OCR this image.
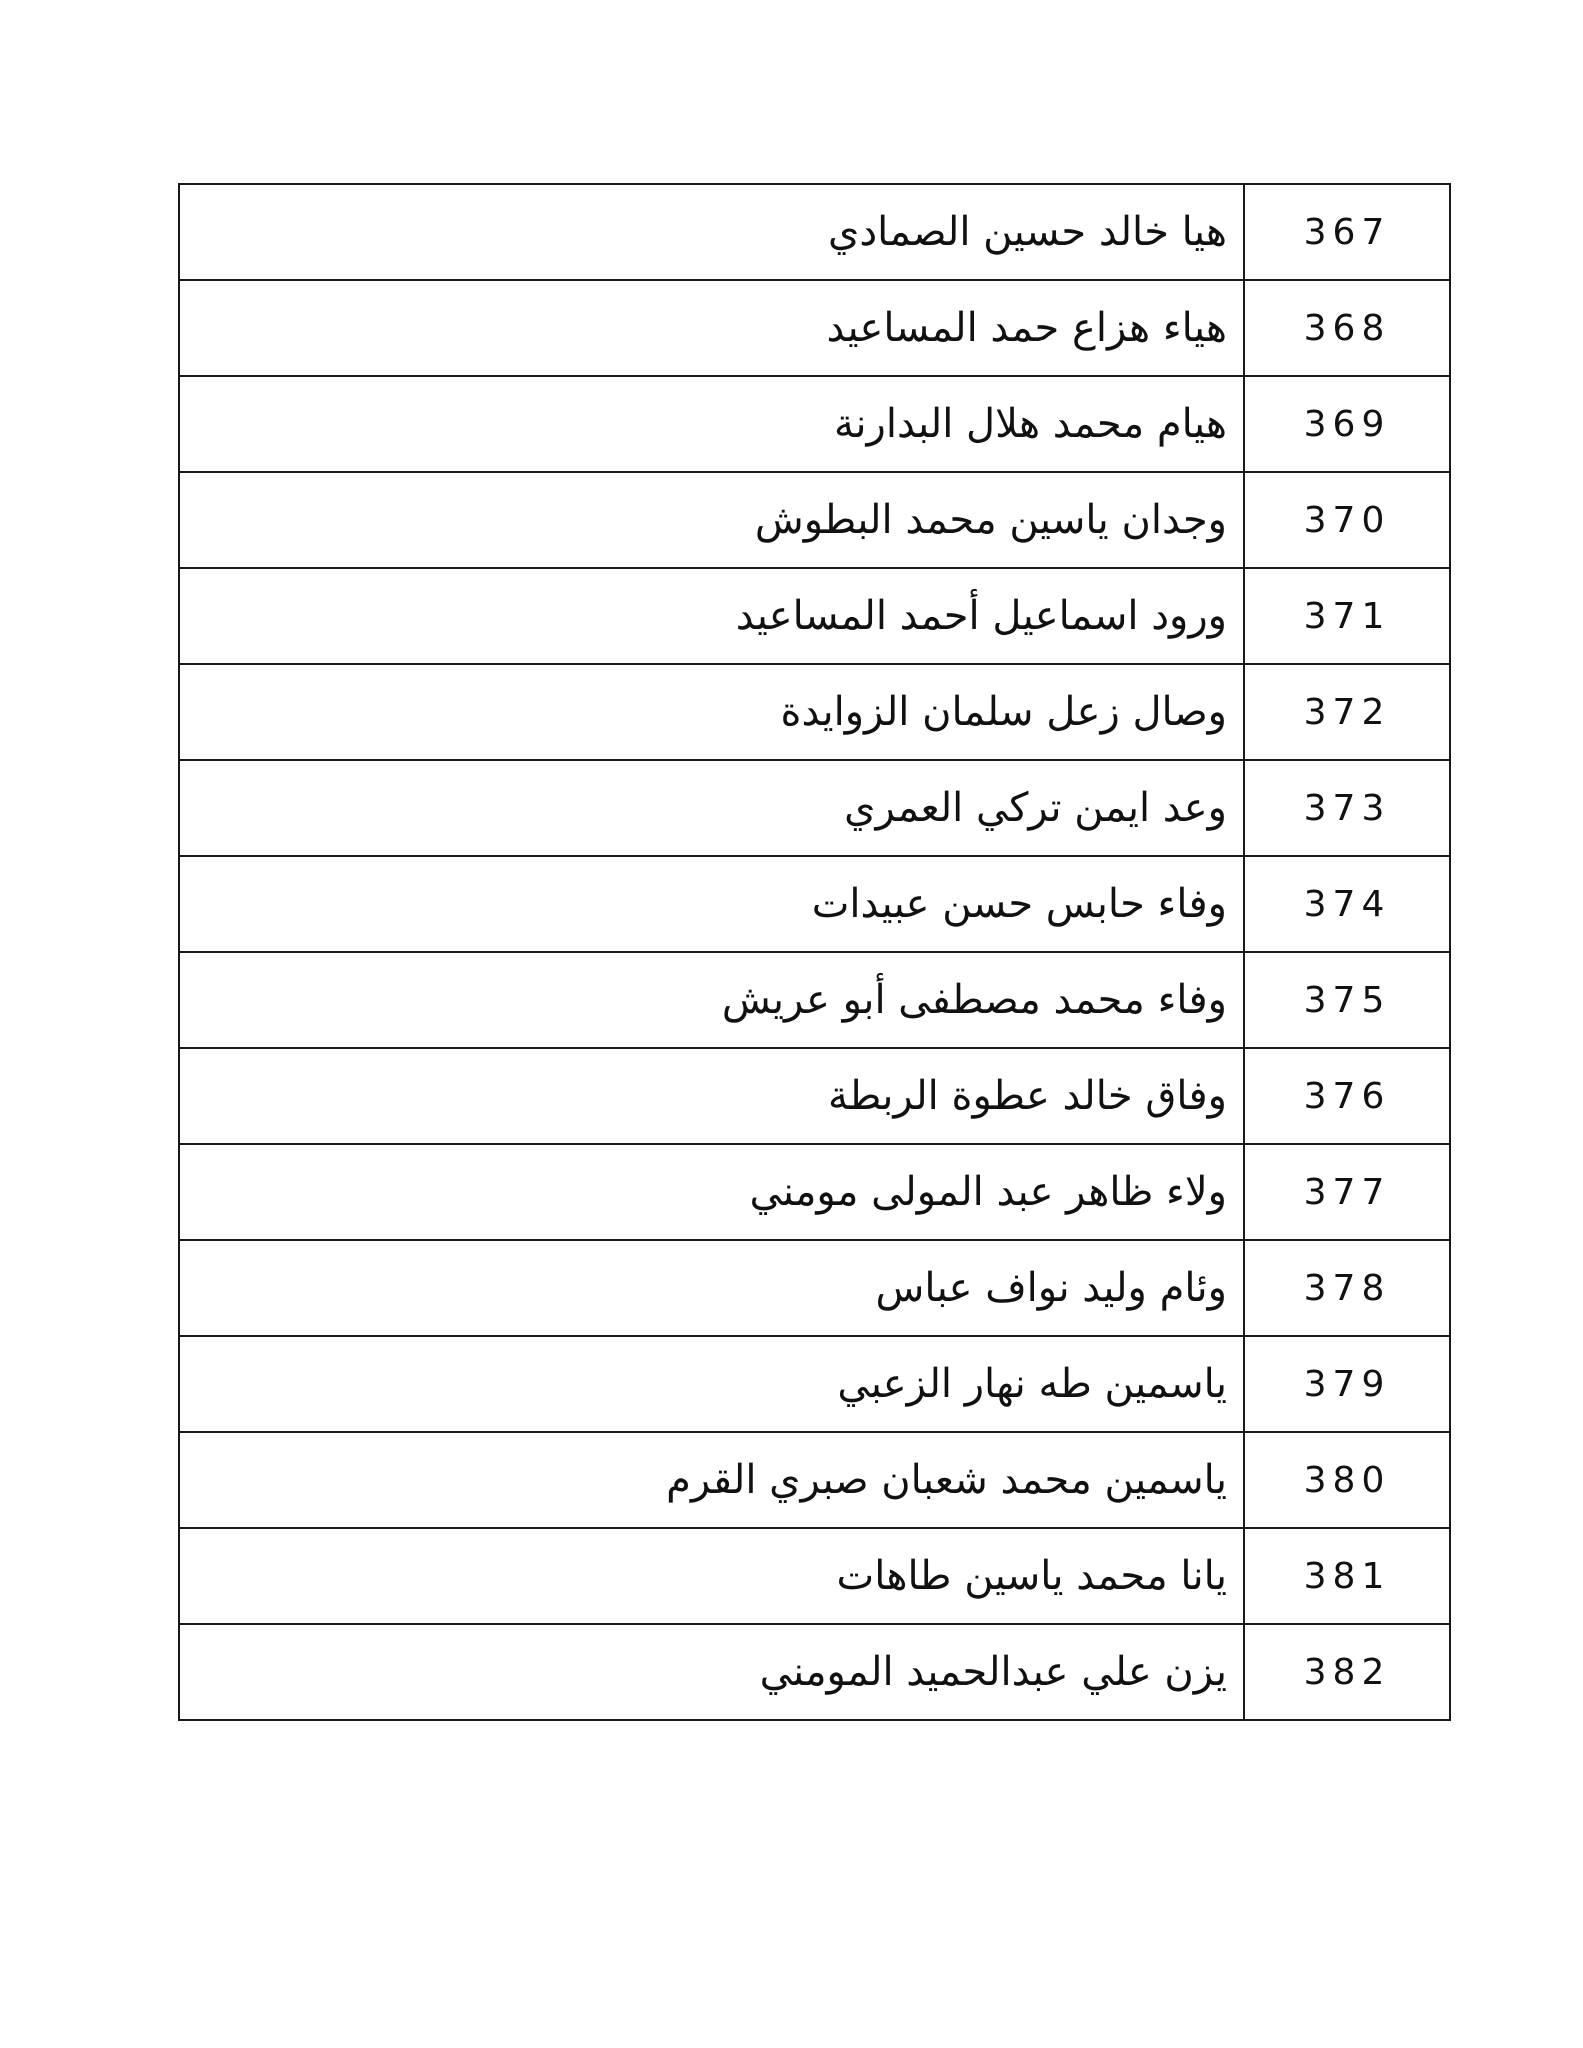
هيا خالد حسين الصمادي	367
هياء هزاع حمد المساعيد	368
هيام محمد هلال البدارنة	369
وجدان ياسين محمد البطوش	370
ورود اسماعيل أحمد المساعيد	371
وصال زعل سلمان الزوايدة	372
وعد ايمن تركي العمري	373
وفاء حابس حسن عبيدات	374
وفاء محمد مصطفى أبو عريش	375
وفاق خالد عطوة الربطة	376
ولاء ظاهر عبد المولى مومني	377
وئام وليد نواف عباس	378
ياسمين طه نهار الزعبي	379
ياسمين محمد شعبان صبري القرم	380
يانا محمد ياسين طاهات	381
يزن علي عبدالحميد المومني	382
